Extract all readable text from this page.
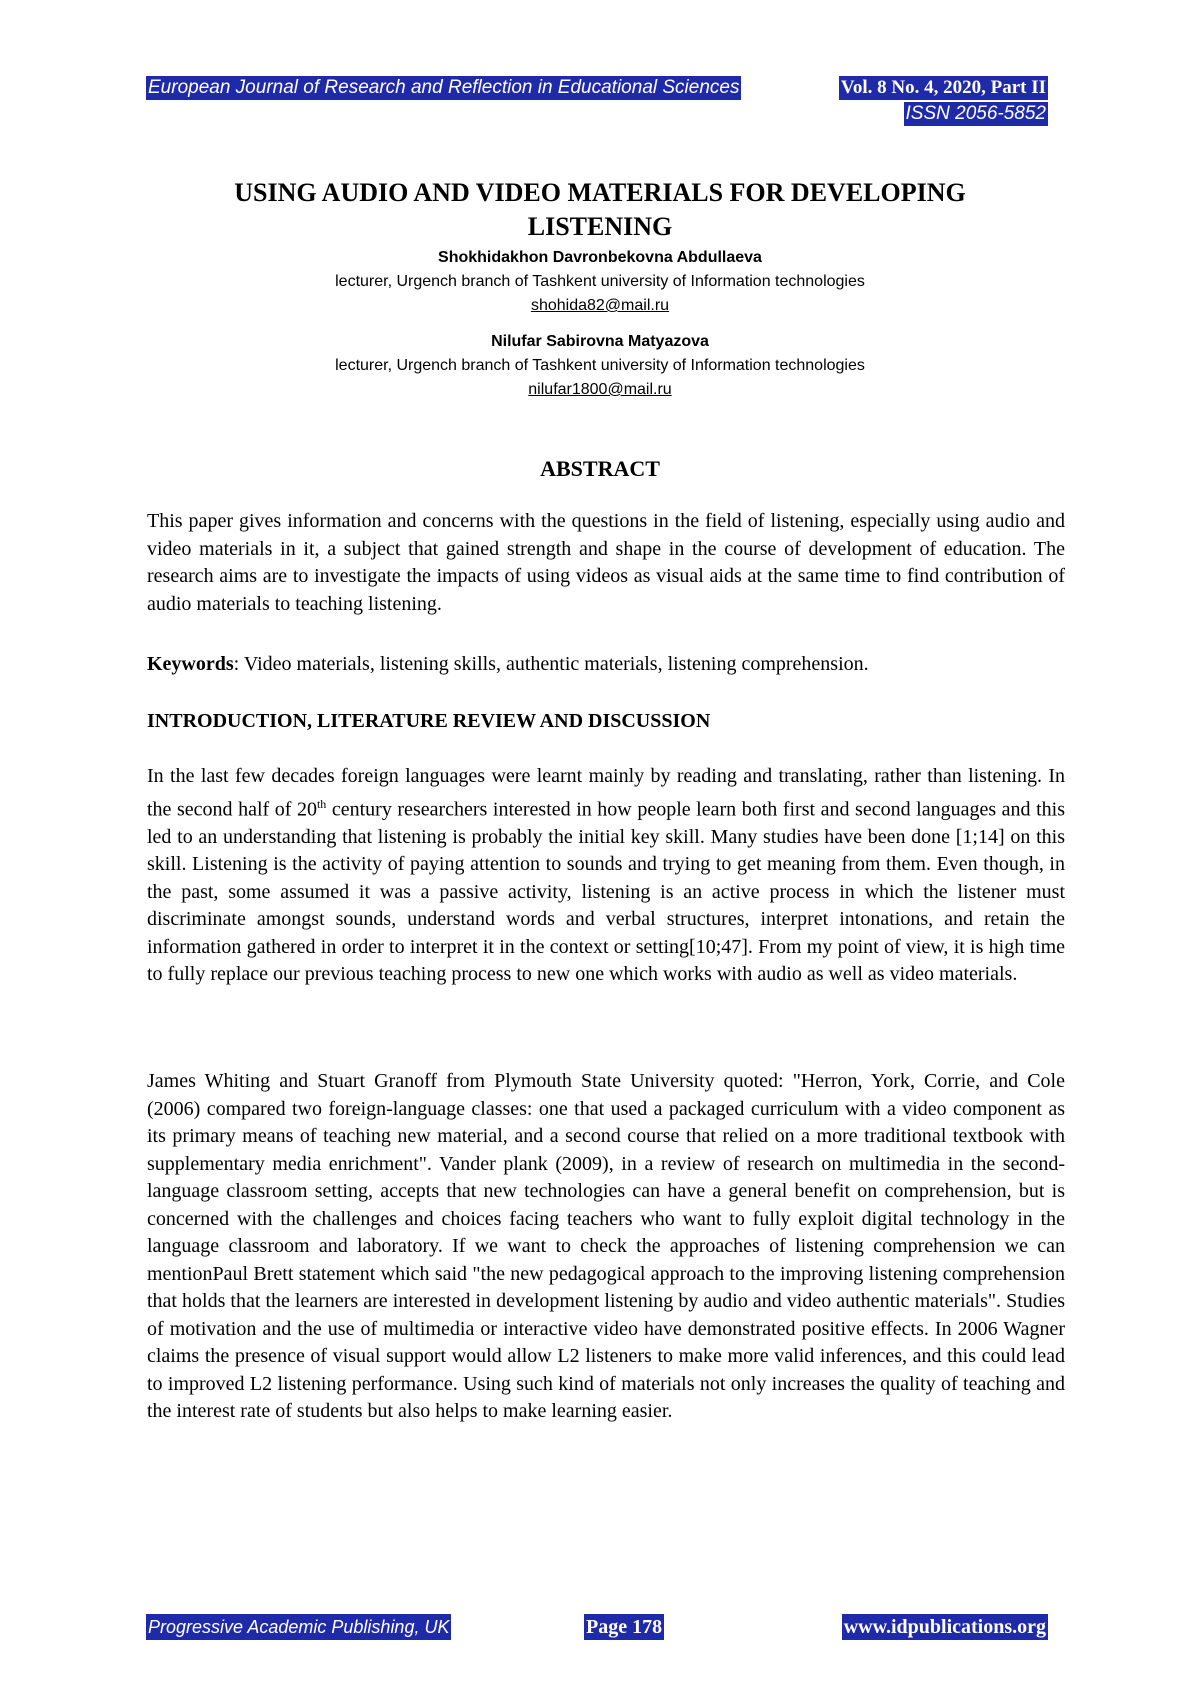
European Journal of Research and Reflection in Educational Sciences	Vol. 8 No. 4, 2020, Part II
ISSN 2056-5852
USING AUDIO AND VIDEO MATERIALS FOR DEVELOPING
LISTENING
Shokhidakhon Davronbekovna Abdullaeva
lecturer, Urgench branch of Tashkent university of Information technologies
shohida82@mail.ru
Nilufar Sabirovna Matyazova
lecturer, Urgench branch of Tashkent university of Information technologies
nilufar1800@mail.ru
ABSTRACT

This paper gives information and concerns with the questions in the field of listening, especially using audio and video materials in it, a subject that gained strength and shape in the course of development of education. The research aims are to investigate the impacts of using videos as visual aids at the same time to find contribution of audio materials to teaching listening.

Keywords: Video materials, listening skills, authentic materials, listening comprehension.

INTRODUCTION, LITERATURE REVIEW AND DISCUSSION

In the last few decades foreign languages were learnt mainly by reading and translating, rather than listening. In the second half of 20th century researchers interested in how people learn both first and second languages and this led to an understanding that listening is probably the initial key skill. Many studies have been done [1;14] on this skill. Listening is the activity of paying attention to sounds and trying to get meaning from them. Even though, in the past, some assumed it was a passive activity, listening is an active process in which the listener must discriminate amongst sounds, understand words and verbal structures, interpret intonations, and retain the information gathered in order to interpret it in the context or setting[10;47]. From my point of view, it is high time to fully replace our previous teaching process to new one which works with audio as well as video materials.

James Whiting and Stuart Granoff from Plymouth State University quoted: "Herron, York, Corrie, and Cole (2006) compared two foreign-language classes: one that used a packaged curriculum with a video component as its primary means of teaching new material, and a second course that relied on a more traditional textbook with supplementary media enrichment". Vander plank (2009), in a review of research on multimedia in the second-language classroom setting, accepts that new technologies can have a general benefit on comprehension, but is concerned with the challenges and choices facing teachers who want to fully exploit digital technology in the language classroom and laboratory. If we want to check the approaches of listening comprehension we can mentionPaul Brett statement which said "the new pedagogical approach to the improving listening comprehension that holds that the learners are interested in development listening by audio and video authentic materials". Studies of motivation and the use of multimedia or interactive video have demonstrated positive effects. In 2006 Wagner claims the presence of visual support would allow L2 listeners to make more valid inferences, and this could lead to improved L2 listening performance. Using such kind of materials not only increases the quality of teaching and the interest rate of students but also helps to make learning easier.

Progressive Academic Publishing, UK	Page 178	www.idpublications.org
